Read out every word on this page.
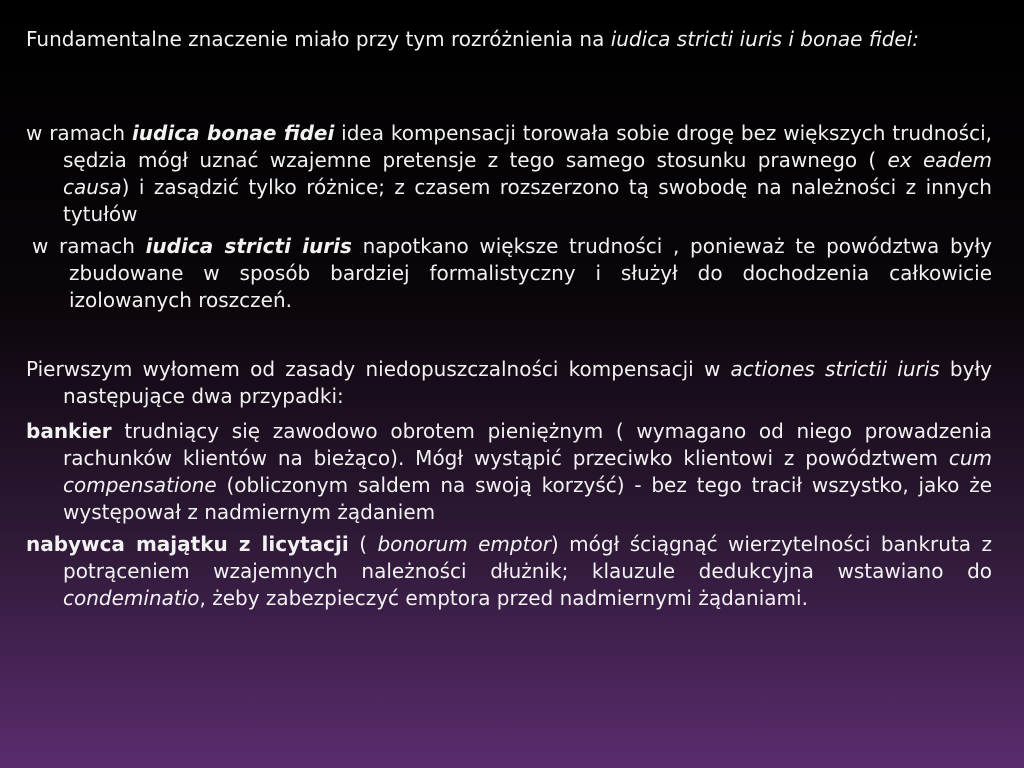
Fundamentalne znaczenie miało przy tym rozróżnienia na iudica stricti iuris i bonae fidei:

w ramach iudica bonae fidei idea kompensacji torowała sobie drogę bez większych trudności, sędzia mógł uznać wzajemne pretensje z tego samego stosunku prawnego ( ex eadem causa) i zasądzić tylko różnice; z czasem rozszerzono tą swobodę na należności z innych tytułów

w ramach iudica stricti iuris napotkano większe trudności , ponieważ te powództwa były zbudowane w sposób bardziej formalistyczny i służył do dochodzenia całkowicie izolowanych roszczeń.

Pierwszym wyłomem od zasady niedopuszczalności kompensacji w actiones strictii iuris były następujące dwa przypadki:

bankier trudniący się zawodowo obrotem pieniężnym ( wymagano od niego prowadzenia rachunków klientów na bieżąco). Mógł wystąpić przeciwko klientowi z powództwem cum compensatione (obliczonym saldem na swoją korzyść) - bez tego tracił wszystko, jako że występował z nadmiernym żądaniem

nabywca majątku z licytacji ( bonorum emptor) mógł ściągnąć wierzytelności bankruta z potrąceniem wzajemnych należności dłużnik; klauzule dedukcyjna wstawiano do condeminatio, żeby zabezpieczyć emptora przed nadmiernymi żądaniami.
